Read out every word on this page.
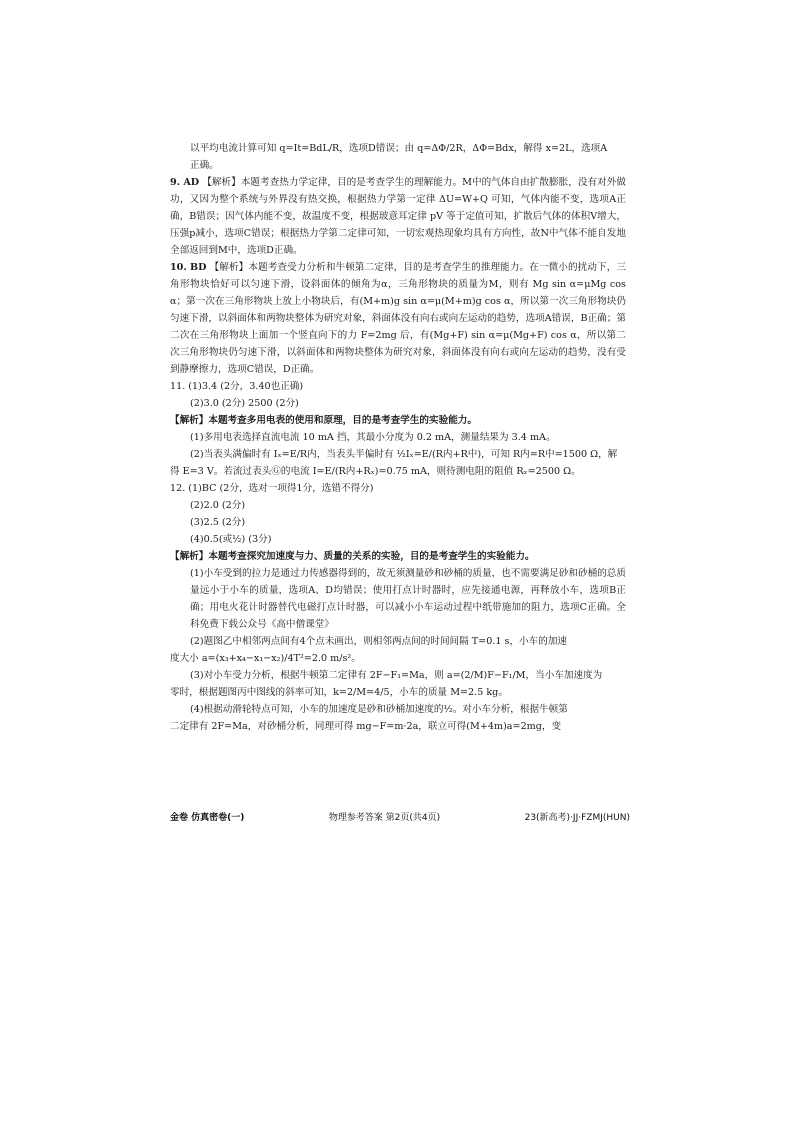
以平均电流计算可知 q=It=BdL/R，选项D错误；由 q=ΔΦ/2R，ΔΦ=Bdx，解得 x=2L，选项A

正确。

9. AD 【解析】本题考查热力学定律，目的是考查学生的理解能力。M中的气体自由扩散膨胀，没有对外做功，又因为整个系统与外界没有热交换，根据热力学第一定律 ΔU=W+Q 可知，气体内能不变，选项A正确，B错误；因气体内能不变，故温度不变，根据玻意耳定律 pV 等于定值可知，扩散后气体的体积V增大，压强p减小，选项C错误；根据热力学第二定律可知，一切宏观热现象均具有方向性，故N中气体不能自发地全部返回到M中，选项D正确。

10. BD 【解析】本题考查受力分析和牛顿第二定律，目的是考查学生的推理能力。在一微小的扰动下，三角形物块恰好可以匀速下滑，设斜面体的倾角为α，三角形物块的质量为M，则有 Mg sin α=μMg cos α；第一次在三角形物块上放上小物块后，有(M+m)g sin α=μ(M+m)g cos α，所以第一次三角形物块仍匀速下滑，以斜面体和两物块整体为研究对象，斜面体没有向右或向左运动的趋势，选项A错误，B正确；第二次在三角形物块上面加一个竖直向下的力 F=2mg 后，有(Mg+F) sin α=μ(Mg+F) cos α，所以第二次三角形物块仍匀速下滑，以斜面体和两物块整体为研究对象，斜面体没有向右或向左运动的趋势，没有受到静摩擦力，选项C错误，D正确。

11. (1)3.4 (2分，3.40也正确)

(2)3.0 (2分) 2500 (2分)

【解析】本题考查多用电表的使用和原理，目的是考查学生的实验能力。

(1)多用电表选择直流电流 10 mA 挡，其最小分度为 0.2 mA，测量结果为 3.4 mA。

(2)当表头满偏时有 Iₓ=E/R内，当表头半偏时有 ½Iₓ=E/(R内+R中)，可知 R内=R中=1500 Ω，解

得 E=3 V。若流过表头Ⓖ的电流 I=E/(R内+Rₓ)=0.75 mA，则待测电阻的阻值 Rₓ=2500 Ω。

12. (1)BC (2分，选对一项得1分，选错不得分)

(2)2.0 (2分)

(3)2.5 (2分)

(4)0.5(或½) (3分)

【解析】本题考查探究加速度与力、质量的关系的实验，目的是考查学生的实验能力。

(1)小车受到的拉力是通过力传感器得到的，故无须测量砂和砂桶的质量，也不需要满足砂和砂桶的总质量远小于小车的质量，选项A、D均错误；使用打点计时器时，应先接通电源，再释放小车，选项B正确；用电火花计时器替代电磁打点计时器，可以减小小车运动过程中纸带施加的阻力，选项C正确。全科免费下载公众号《高中僧课堂》

(2)题图乙中相邻两点间有4个点未画出，则相邻两点间的时间间隔 T=0.1 s，小车的加速

度大小 a=(x₃+x₄−x₁−x₂)/4T²=2.0 m/s²。

(3)对小车受力分析，根据牛顿第二定律有 2F−F₁=Ma，则 a=(2/M)F−F₁/M，当小车加速度为

零时，根据题图丙中图线的斜率可知，k=2/M=4/5，小车的质量 M=2.5 kg。

(4)根据动滑轮特点可知，小车的加速度是砂和砂桶加速度的½。对小车分析，根据牛顿第

二定律有 2F=Ma，对砂桶分析，同理可得 mg−F=m·2a，联立可得(M+4m)a=2mg，变

金卷 仿真密卷(一)	物理参考答案 第2页(共4页)	23(新高考)·JJ·FZMJ(HUN)
